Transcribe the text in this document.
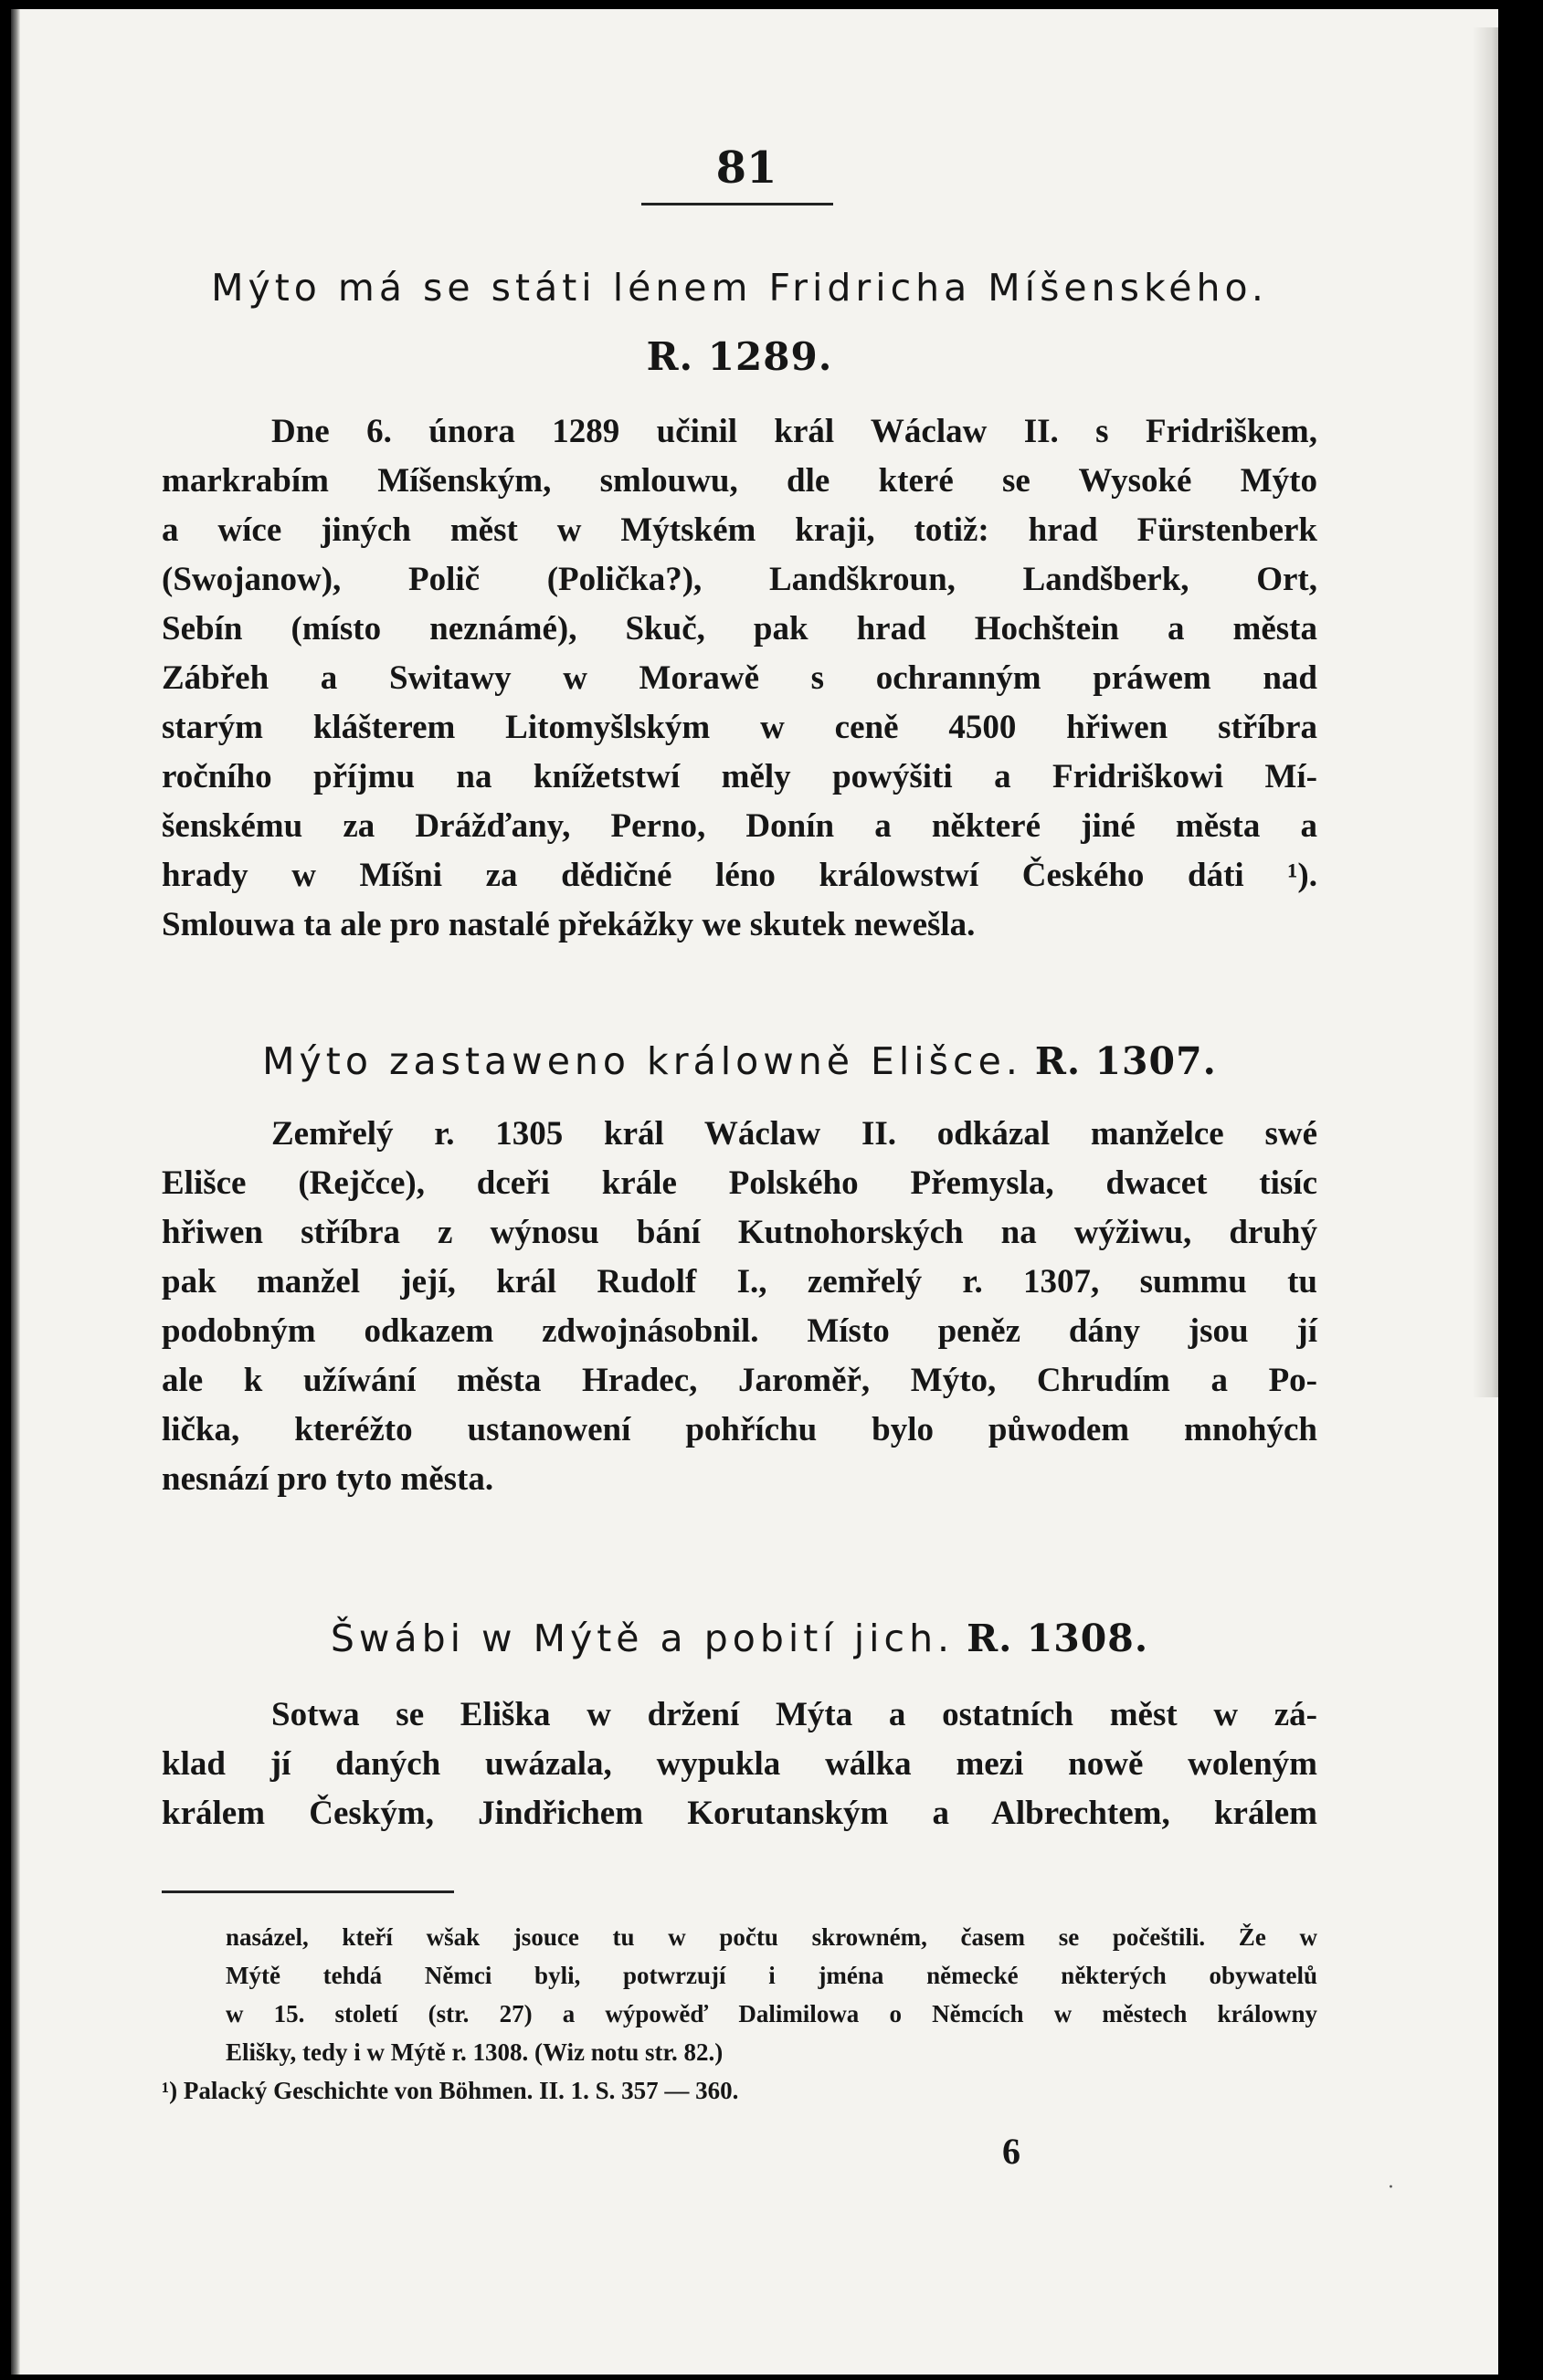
81
Mýto má se státi lénem Fridricha Míšenského.

R. 1289.

Dne 6. února 1289 učinil král Wáclaw II. s Fridriškem,

markrabím Míšenským, smlouwu, dle které se Wysoké Mýto

a wíce jiných měst w Mýtském kraji, totiž: hrad Fürstenberk

(Swojanow), Polič (Polička?), Landškroun, Landšberk, Ort,

Sebín (místo neznámé), Skuč, pak hrad Hochštein a města

Zábřeh a Switawy w Morawě s ochranným práwem nad

starým klášterem Litomyšlským w ceně 4500 hřiwen stříbra

ročního příjmu na knížetstwí měly powýšiti a Fridriškowi Mí-

šenskému za Drážďany, Perno, Donín a některé jiné města a

hrady w Míšni za dědičné léno králowstwí Českého dáti ¹).

Smlouwa ta ale pro nastalé překážky we skutek newešla.

Mýto zastaweno králowně Elišce. R. 1307.

Zemřelý r. 1305 král Wáclaw II. odkázal manželce swé

Elišce (Rejčce), dceři krále Polského Přemysla, dwacet tisíc

hřiwen stříbra z wýnosu bání Kutnohorských na wýžiwu, druhý

pak manžel její, král Rudolf I., zemřelý r. 1307, summu tu

podobným odkazem zdwojnásobnil. Místo peněz dány jsou jí

ale k užíwání města Hradec, Jaroměř, Mýto, Chrudím a Po-

lička, kteréžto ustanowení pohříchu bylo půwodem mnohých

nesnází pro tyto města.

Šwábi w Mýtě a pobití jich. R. 1308.

Sotwa se Eliška w držení Mýta a ostatních měst w zá-

klad jí daných uwázala, wypukla wálka mezi nowě woleným

králem Českým, Jindřichem Korutanským a Albrechtem, králem

nasázel, kteří wšak jsouce tu w počtu skrowném, časem se počeštili. Že w

Mýtě tehdá Němci byli, potwrzují i jména německé některých obywatelů

w 15. století (str. 27) a wýpowěď Dalimilowa o Němcích w městech králowny

Elišky, tedy i w Mýtě r. 1308. (Wiz notu str. 82.)

¹) Palacký Geschichte von Böhmen. II. 1. S. 357 — 360.

6
·
